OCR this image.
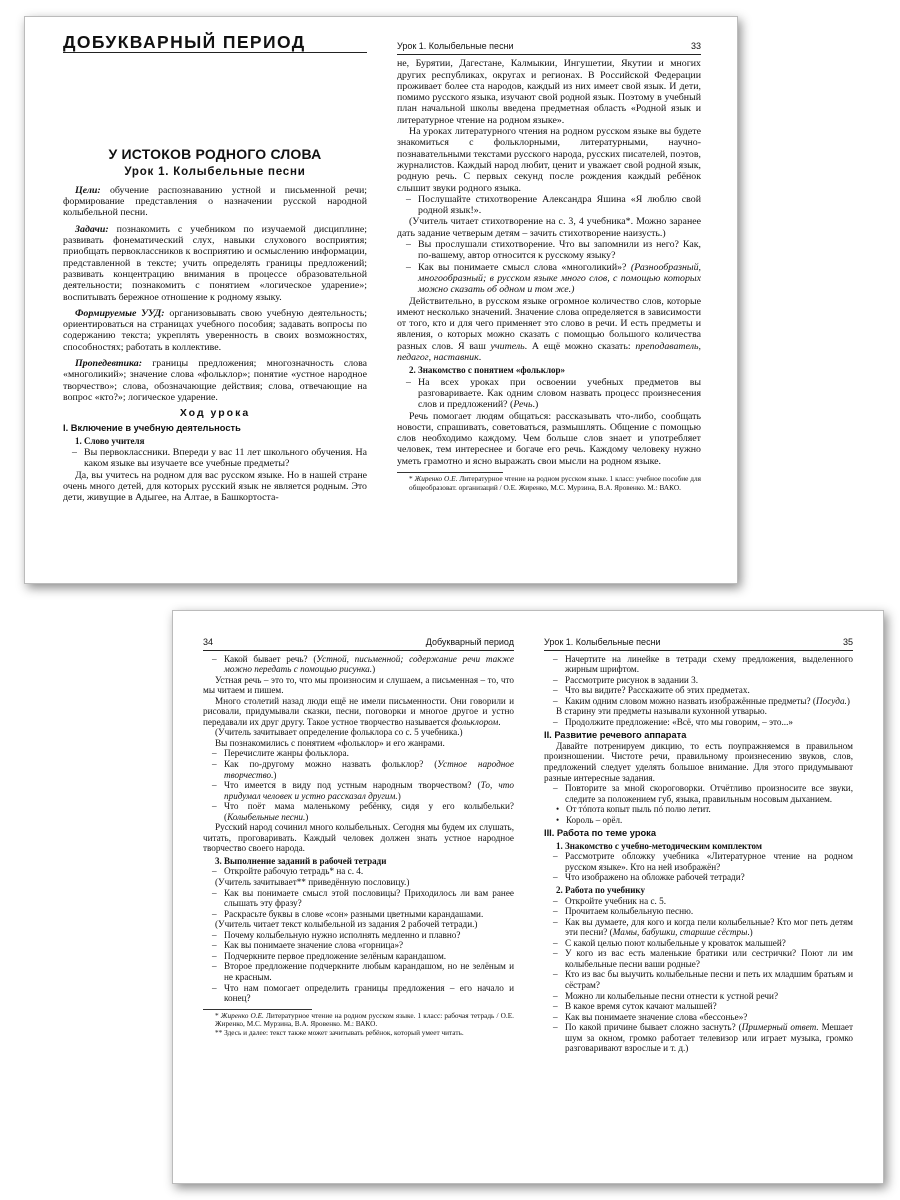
ДОБУКВАРНЫЙ ПЕРИОД
У ИСТОКОВ РОДНОГО СЛОВА
Урок 1. Колыбельные песни

Цели: обучение распознаванию устной и письменной речи; формирование представления о назначении русской народной колыбельной песни.

Задачи: познакомить с учебником по изучаемой дисциплине; развивать фонематический слух, навыки слухового восприятия; приобщать первоклассников к восприятию и осмыслению информации, представленной в тексте; учить определять границы предложений; развивать концентрацию внимания в процессе образовательной деятельности; познакомить с понятием «логическое ударение»; воспитывать бережное отношение к родному языку.

Формируемые УУД: организовывать свою учебную деятельность; ориентироваться на страницах учебного пособия; задавать вопросы по содержанию текста; укреплять уверенность в своих возможностях, способностях; работать в коллективе.

Пропедевтика: границы предложения; многозначность слова «многоликий»; значение слова «фольклор»; понятие «устное народное творчество»; слова, обозначающие действия; слова, отвечающие на вопрос «кто?»; логическое ударение.

Ход урока

I. Включение в учебную деятельность

1. Слово учителя

– Вы первоклассники. Впереди у вас 11 лет школьного обучения. На каком языке вы изучаете все учебные предметы?

Да, вы учитесь на родном для вас русском языке. Но в нашей стране очень много детей, для которых русский язык не является родным. Это дети, живущие в Адыгее, на Алтае, в Башкортоста-

Урок 1. Колыбельные песни	33

не, Бурятии, Дагестане, Калмыкии, Ингушетии, Якутии и многих других республиках, округах и регионах. В Российской Федерации проживает более ста народов, каждый из них имеет свой язык. И дети, помимо русского языка, изучают свой родной язык. Поэтому в учебный план начальной школы введена предметная область «Родной язык и литературное чтение на родном языке».

На уроках литературного чтения на родном русском языке вы будете знакомиться с фольклорными, литературными, научно-познавательными текстами русского народа, русских писателей, поэтов, журналистов. Каждый народ любит, ценит и уважает свой родной язык, родную речь. С первых секунд после рождения каждый ребёнок слышит звуки родного языка.

– Послушайте стихотворение Александра Яшина «Я люблю свой родной язык!».

(Учитель читает стихотворение на с. 3, 4 учебника*. Можно заранее дать задание четверым детям – зачить стихотворение наизусть.)

– Вы прослушали стихотворение. Что вы запомнили из него? Как, по-вашему, автор относится к русскому языку?

– Как вы понимаете смысл слова «многоликий»? (Разнообразный, многообразный; в русском языке много слов, с помощью которых можно сказать об одном и том же.)

Действительно, в русском языке огромное количество слов, которые имеют несколько значений. Значение слова определяется в зависимости от того, кто и для чего применяет это слово в речи. И есть предметы и явления, о которых можно сказать с помощью большого количества разных слов. Я ваш учитель. А ещё можно сказать: преподаватель, педагог, наставник.

2. Знакомство с понятием «фольклор»

– На всех уроках при освоении учебных предметов вы разговариваете. Как одним словом назвать процесс произнесения слов и предложений? (Речь.)

Речь помогает людям общаться: рассказывать что-либо, сообщать новости, спрашивать, советоваться, размышлять. Общение с помощью слов необходимо каждому. Чем больше слов знает и употребляет человек, тем интереснее и богаче его речь. Каждому человеку нужно уметь грамотно и ясно выражать свои мысли на родном языке.

* Жиренко О.Е. Литературное чтение на родном русском языке. 1 класс: учебное пособие для общеобразоват. организаций / О.Е. Жиренко, М.С. Мурзина, В.А. Яровенко. М.: ВАКО.

34	Добукварный период

– Какой бывает речь? (Устной, письменной; содержание речи также можно передать с помощью рисунка.)

Устная речь – это то, что мы произносим и слушаем, а письменная – то, что мы читаем и пишем.

Много столетий назад люди ещё не имели письменности. Они говорили и рисовали, придумывали сказки, песни, поговорки и многое другое и устно передавали их друг другу. Такое устное творчество называется фольклором.

(Учитель зачитывает определение фольклора со с. 5 учебника.)

Вы познакомились с понятием «фольклор» и его жанрами.

– Перечислите жанры фольклора.

– Как по-другому можно назвать фольклор? (Устное народное творчество.)

– Что имеется в виду под устным народным творчеством? (То, что придумал человек и устно рассказал другим.)

– Что поёт мама маленькому ребёнку, сидя у его колыбельки? (Колыбельные песни.)

Русский народ сочинил много колыбельных. Сегодня мы будем их слушать, читать, проговаривать. Каждый человек должен знать устное народное творчество своего народа.

3. Выполнение заданий в рабочей тетради

– Откройте рабочую тетрадь* на с. 4.

(Учитель зачитывает** приведённую пословицу.)

– Как вы понимаете смысл этой пословицы? Приходилось ли вам ранее слышать эту фразу?

– Раскрасьте буквы в слове «сон» разными цветными карандашами.

(Учитель читает текст колыбельной из задания 2 рабочей тетради.)

– Почему колыбельную нужно исполнять медленно и плавно?

– Как вы понимаете значение слова «горница»?

– Подчеркните первое предложение зелёным карандашом.

– Второе предложение подчеркните любым карандашом, но не зелёным и не красным.

– Что нам помогает определить границы предложения – его начало и конец?

* Жиренко О.Е. Литературное чтение на родном русском языке. 1 класс: рабочая тетрадь / О.Е. Жиренко, М.С. Мурзина, В.А. Яровенко. М.: ВАКО.

** Здесь и далее: текст также может зачитывать ребёнок, который умеет читать.

Урок 1. Колыбельные песни	35

– Начертите на линейке в тетради схему предложения, выделенного жирным шрифтом.

– Рассмотрите рисунок в задании 3.

– Что вы видите? Расскажите об этих предметах.

– Каким одним словом можно назвать изображённые предметы? (Посуда.)

В старину эти предметы называли кухонной утварью.

– Продолжите предложение: «Всё, что мы говорим, – это...»

II. Развитие речевого аппарата

Давайте потренируем дикцию, то есть поупражняемся в правильном произношении. Чистоте речи, правильному произнесению звуков, слов, предложений следует уделять большое внимание. Для этого придумывают разные интересные задания.

– Повторите за мной скороговорки. Отчётливо произносите все звуки, следите за положением губ, языка, правильным носовым дыханием.

• От тóпота копыт пыль пó полю летит.

• Король – орёл.

III. Работа по теме урока

1. Знакомство с учебно-методическим комплектом

– Рассмотрите обложку учебника «Литературное чтение на родном русском языке». Кто на ней изображён?

– Что изображено на обложке рабочей тетради?

2. Работа по учебнику

– Откройте учебник на с. 5.

– Прочитаем колыбельную песню.

– Как вы думаете, для кого и когда пели колыбельные? Кто мог петь детям эти песни? (Мамы, бабушки, старшие сёстры.)

– С какой целью поют колыбельные у кроваток малышей?

– У кого из вас есть маленькие братики или сестрички? Поют ли им колыбельные песни ваши родные?

– Кто из вас бы выучить колыбельные песни и петь их младшим братьям и сёстрам?

– Можно ли колыбельные песни отнести к устной речи?

– В какое время суток качают малышей?

– Как вы понимаете значение слова «бессонье»?

– По какой причине бывает сложно заснуть? (Примерный ответ. Мешает шум за окном, громко работает телевизор или играет музыка, громко разговаривают взрослые и т. д.)
